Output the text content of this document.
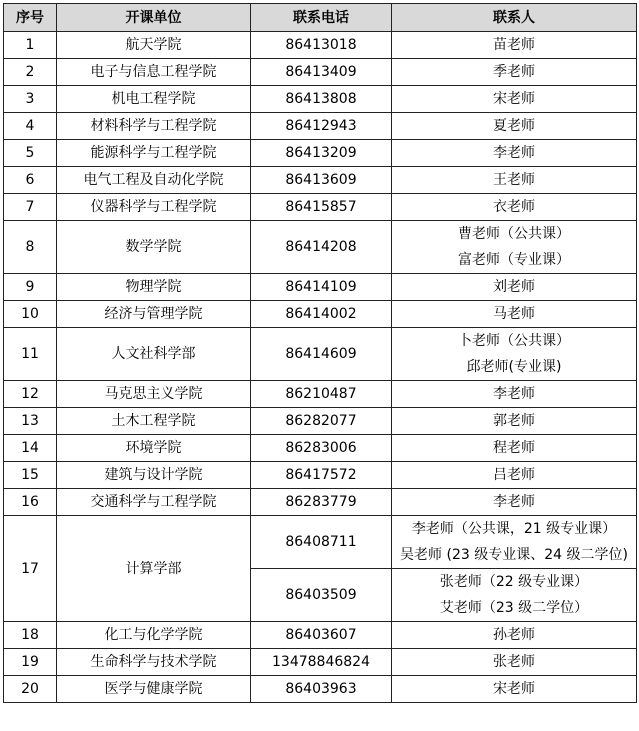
序号	开课单位	联系电话	联系人
1	航天学院	86413018	苗老师

2	电子与信息工程学院	86413409	季老师

3	机电工程学院	86413808	宋老师

4	材料科学与工程学院	86412943	夏老师

5	能源科学与工程学院	86413209	李老师

6	电气工程及自动化学院	86413609	王老师

7	仪器科学与工程学院	86415857	衣老师

8	数学学院	86414208	曹老师（公共课）
富老师（专业课）

9	物理学院	86414109	刘老师

10	经济与管理学院	86414002	马老师

11	人文社科学部	86414609	卜老师（公共课）
邱老师(专业课)

12	马克思主义学院	86210487	李老师

13	土木工程学院	86282077	郭老师

14	环境学院	86283006	程老师

15	建筑与设计学院	86417572	吕老师

16	交通科学与工程学院	86283779	李老师

17	计算学部	86408711	李老师（公共课，21 级专业课）
吴老师 (23 级专业课、24 级二学位)

		86403509	张老师（22 级专业课）
艾老师（23 级二学位）

18	化工与化学学院	86403607	孙老师

19	生命科学与技术学院	13478846824	张老师

20	医学与健康学院	86403963	宋老师
